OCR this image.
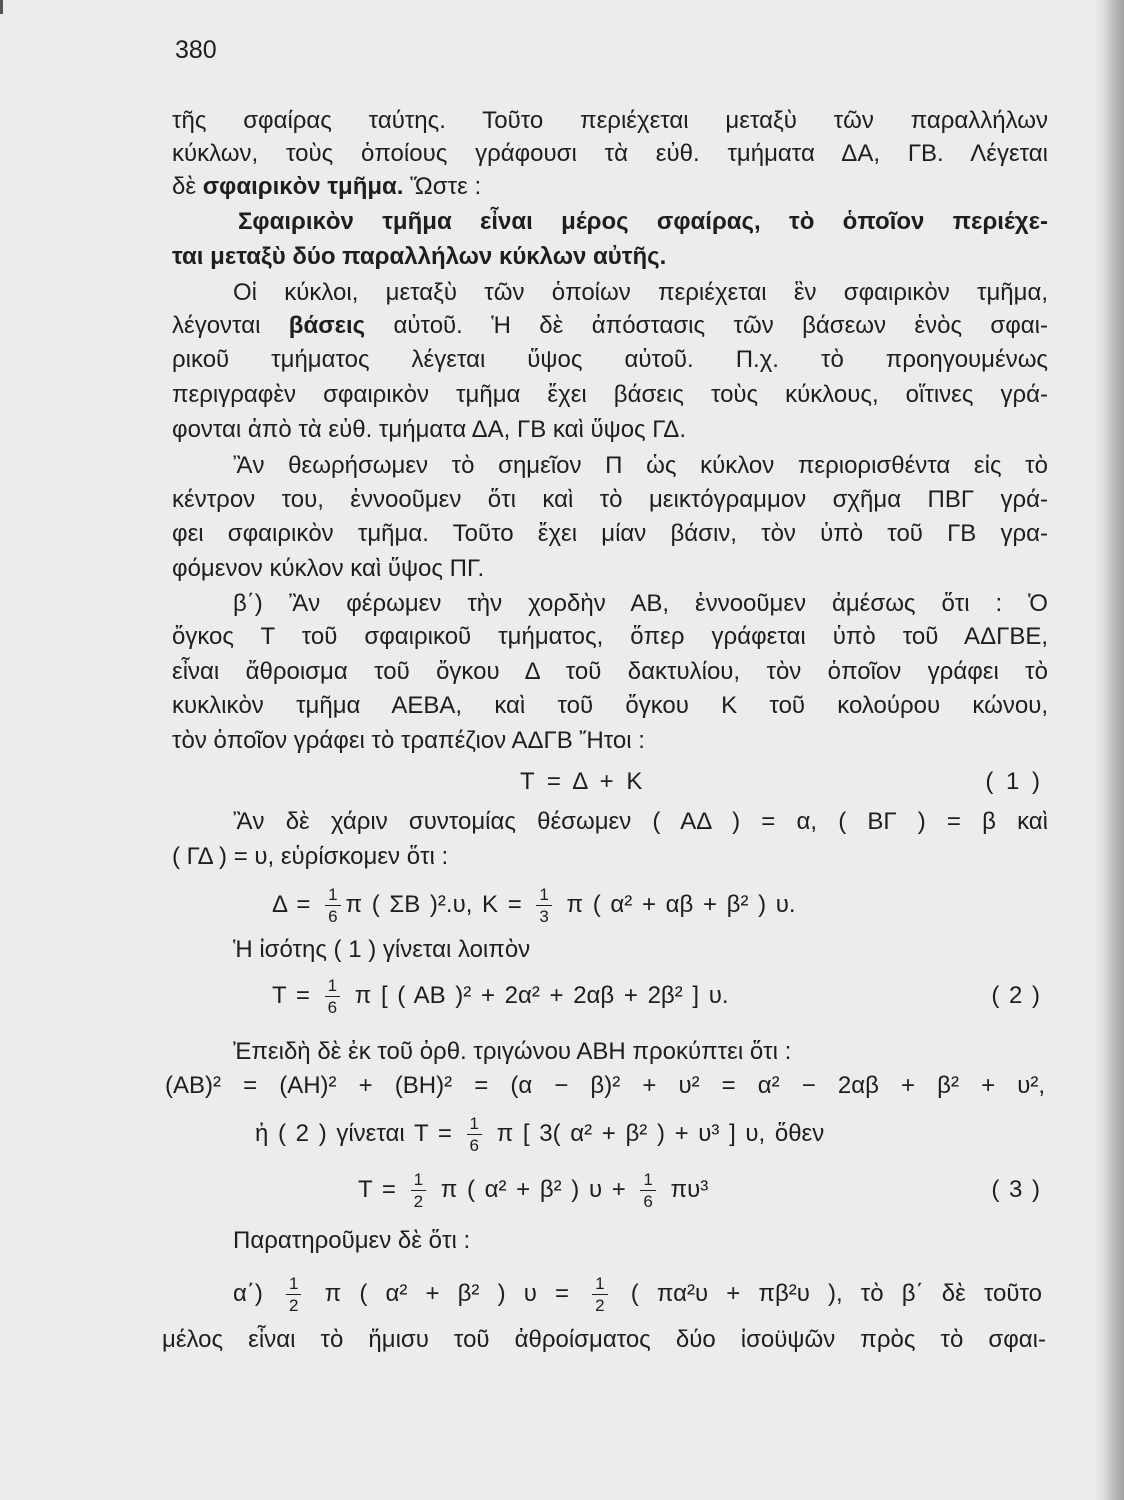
380
τῆς σφαίρας ταύτης. Τοῦτο περιέχεται μεταξὺ τῶν παραλλήλων
κύκλων, τοὺς ὁποίους γράφουσι τὰ εὐθ. τμήματα ΔΑ, ΓΒ. Λέγεται
δὲ σφαιρικὸν τμῆμα. Ὥστε :
Σφαιρικὸν τμῆμα εἶναι μέρος σφαίρας, τὸ ὁποῖον περιέχε-
ται μεταξὺ δύο παραλλήλων κύκλων αὐτῆς.
Οἱ κύκλοι, μεταξὺ τῶν ὁποίων περιέχεται ἓν σφαιρικὸν τμῆμα,
λέγονται βάσεις αὐτοῦ. Ἡ δὲ ἀπόστασις τῶν βάσεων ἑνὸς σφαι-
ρικοῦ τμήματος λέγεται ὕψος αὐτοῦ. Π.χ. τὸ προηγουμένως
περιγραφὲν σφαιρικὸν τμῆμα ἔχει βάσεις τοὺς κύκλους, οἵτινες γρά-
φονται ἀπὸ τὰ εὐθ. τμήματα ΔΑ, ΓΒ καὶ ὕψος ΓΔ.
Ἂν θεωρήσωμεν τὸ σημεῖον Π ὡς κύκλον περιορισθέντα εἰς τὸ
κέντρον του, ἐννοοῦμεν ὅτι καὶ τὸ μεικτόγραμμον σχῆμα ΠΒΓ γρά-
φει σφαιρικὸν τμῆμα. Τοῦτο ἔχει μίαν βάσιν, τὸν ὑπὸ τοῦ ΓΒ γρα-
φόμενον κύκλον καὶ ὕψος ΠΓ.
β΄) Ἂν φέρωμεν τὴν χορδὴν ΑΒ, ἐννοοῦμεν ἀμέσως ὅτι : Ὁ
ὄγκος Τ τοῦ σφαιρικοῦ τμήματος, ὅπερ γράφεται ὑπὸ τοῦ ΑΔΓΒΕ,
εἶναι ἄθροισμα τοῦ ὄγκου Δ τοῦ δακτυλίου, τὸν ὁποῖον γράφει τὸ
κυκλικὸν τμῆμα ΑΕΒΑ, καὶ τοῦ ὄγκου Κ τοῦ κολούρου κώνου,
τὸν ὁποῖον γράφει τὸ τραπέζιον ΑΔΓΒ Ἤτοι :
Τ = Δ + Κ	( 1 )
Ἂν δὲ χάριν συντομίας θέσωμεν ( ΑΔ ) = α, ( ΒΓ ) = β καὶ
( ΓΔ ) = υ, εὑρίσκομεν ὅτι :
$\Delta = \frac{1}{6}$ π ( ΣΒ )².υ, $K = \frac{1}{3}$ π ( α² + αβ + β² ) υ.
Ἡ ἰσότης ( 1 ) γίνεται λοιπὸν
$T = \frac{1}{6}$ π [ ( ΑΒ )² + 2α² + 2αβ + 2β² ] υ.	( 2 )
Ἐπειδὴ δὲ ἐκ τοῦ ὀρθ. τριγώνου ΑΒΗ προκύπτει ὅτι :
(ΑΒ)² = (ΑΗ)² + (ΒΗ)² = (α − β)² + υ² = α² − 2αβ + β² + υ²,
ἡ ( 2 ) γίνεται $T = \frac{1}{6}$ π [ 3( α² + β² ) + υ³ ] υ, ὅθεν
$T = \frac{1}{2}$ π ( α² + β² ) $\upsilon + \frac{1}{6} \pi\upsilon^3$	( 3 )
Παρατηροῦμεν δὲ ὅτι :
$\alpha΄) \frac{1}{2}$ π ( α² + β² ) $\upsilon = \frac{1}{2}$ ( πα²υ + πβ²υ ), τὸ β΄ δὲ τοῦτο
μέλος εἶναι τὸ ἥμισυ τοῦ ἀθροίσματος δύο ἰσοϋψῶν πρὸς τὸ σφαι-
